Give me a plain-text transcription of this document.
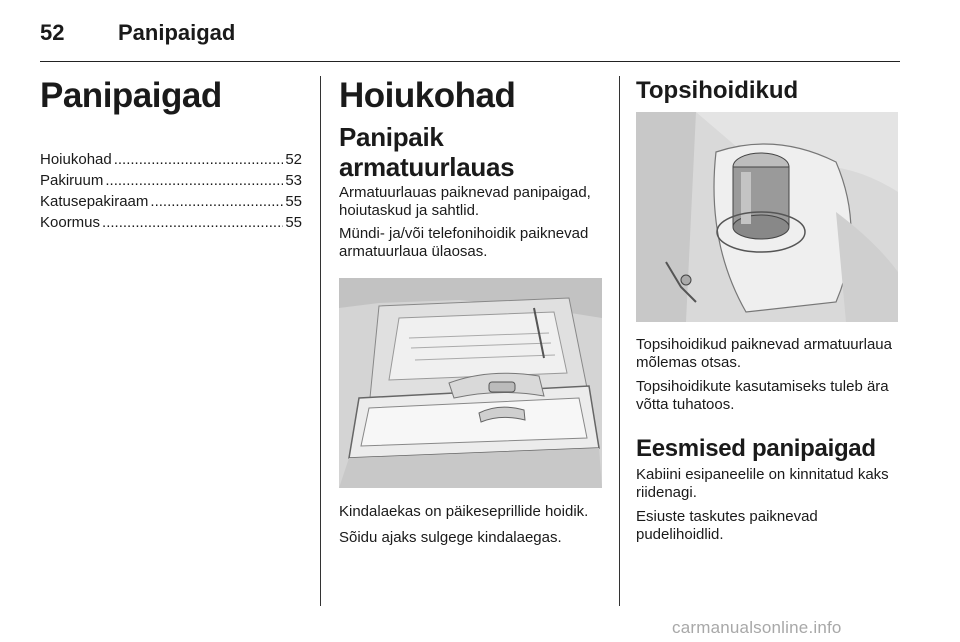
52 Panipaigad
Panipaigad
Hoiukohad .....	52
Pakiruum .....	53
Katusepakiraam .....	55
Koormus .....	55
Hoiukohad
Panipaik armatuurlauas

Armatuurlauas paiknevad panipaigad, hoiutaskud ja sahtlid.

Mündi- ja/või telefonihoidik paiknevad armatuurlaua ülaosas.

Kindalaekas on päikeseprillide hoidik.

Sõidu ajaks sulgege kindalaegas.

Topsihoidikud

Topsihoidikud paiknevad armatuurlaua mõlemas otsas.

Topsihoidikute kasutamiseks tuleb ära võtta tuhatoos.

Eesmised panipaigad

Kabiini esipaneelile on kinnitatud kaks riidenagi.

Esiuste taskutes paiknevad pudelihoidlid.

carmanualsonline.info
